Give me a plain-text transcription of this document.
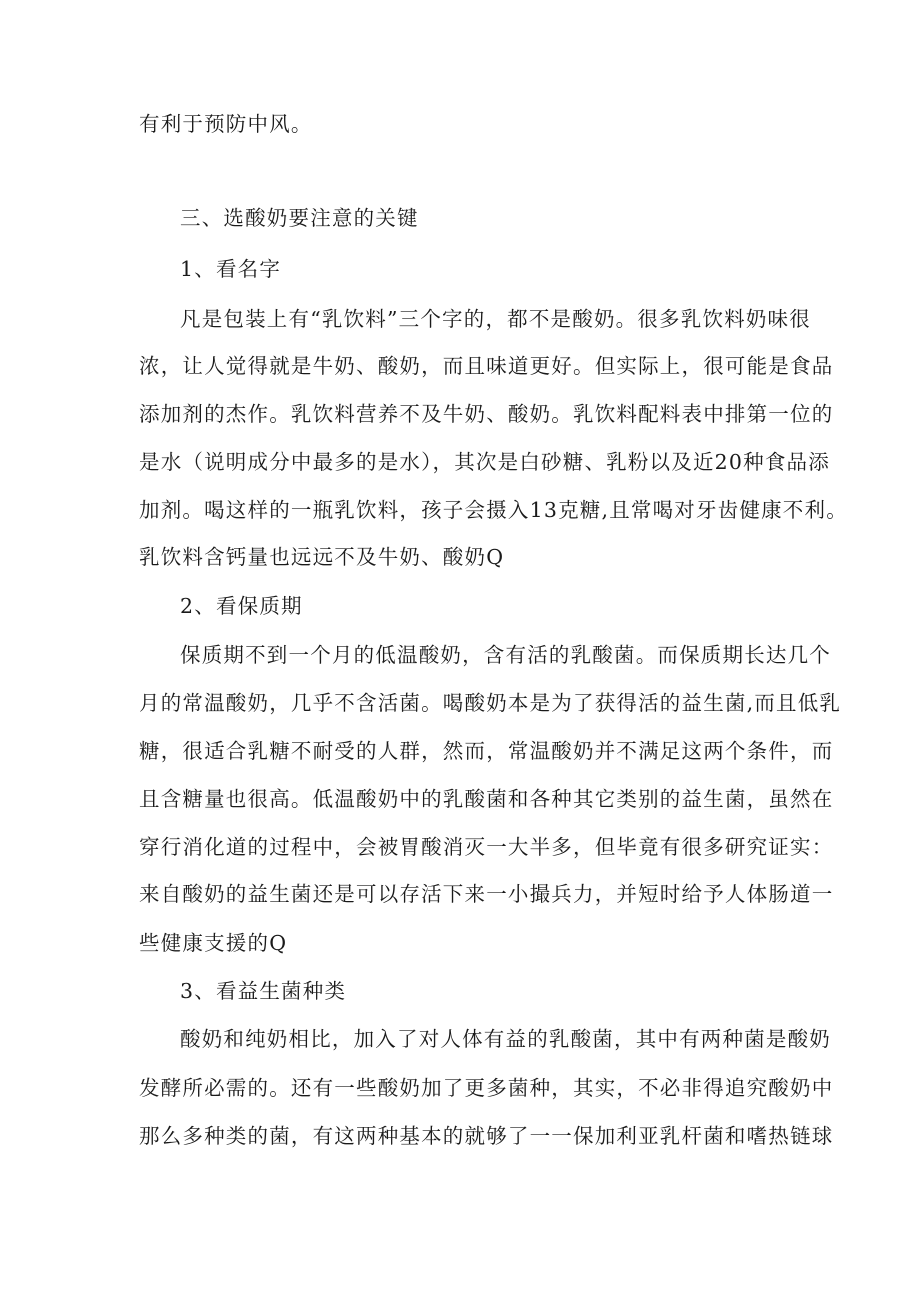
有利于预防中风。
三、选酸奶要注意的关键
1、看名字
凡是包装上有“乳饮料”三个字的，都不是酸奶。很多乳饮料奶味很
浓，让人觉得就是牛奶、酸奶，而且味道更好。但实际上，很可能是食品
添加剂的杰作。乳饮料营养不及牛奶、酸奶。乳饮料配料表中排第一位的
是水（说明成分中最多的是水），其次是白砂糖、乳粉以及近20种食品添
加剂。喝这样的一瓶乳饮料，孩子会摄入13克糖,且常喝对牙齿健康不利。
乳饮料含钙量也远远不及牛奶、酸奶Q
2、看保质期
保质期不到一个月的低温酸奶，含有活的乳酸菌。而保质期长达几个
月的常温酸奶，几乎不含活菌。喝酸奶本是为了获得活的益生菌,而且低乳
糖，很适合乳糖不耐受的人群，然而，常温酸奶并不满足这两个条件，而
且含糖量也很高。低温酸奶中的乳酸菌和各种其它类别的益生菌，虽然在
穿行消化道的过程中，会被胃酸消灭一大半多，但毕竟有很多研究证实：
来自酸奶的益生菌还是可以存活下来一小撮兵力，并短时给予人体肠道一
些健康支援的Q
3、看益生菌种类
酸奶和纯奶相比，加入了对人体有益的乳酸菌，其中有两种菌是酸奶
发酵所必需的。还有一些酸奶加了更多菌种，其实，不必非得追究酸奶中
那么多种类的菌，有这两种基本的就够了一一保加利亚乳杆菌和嗜热链球
